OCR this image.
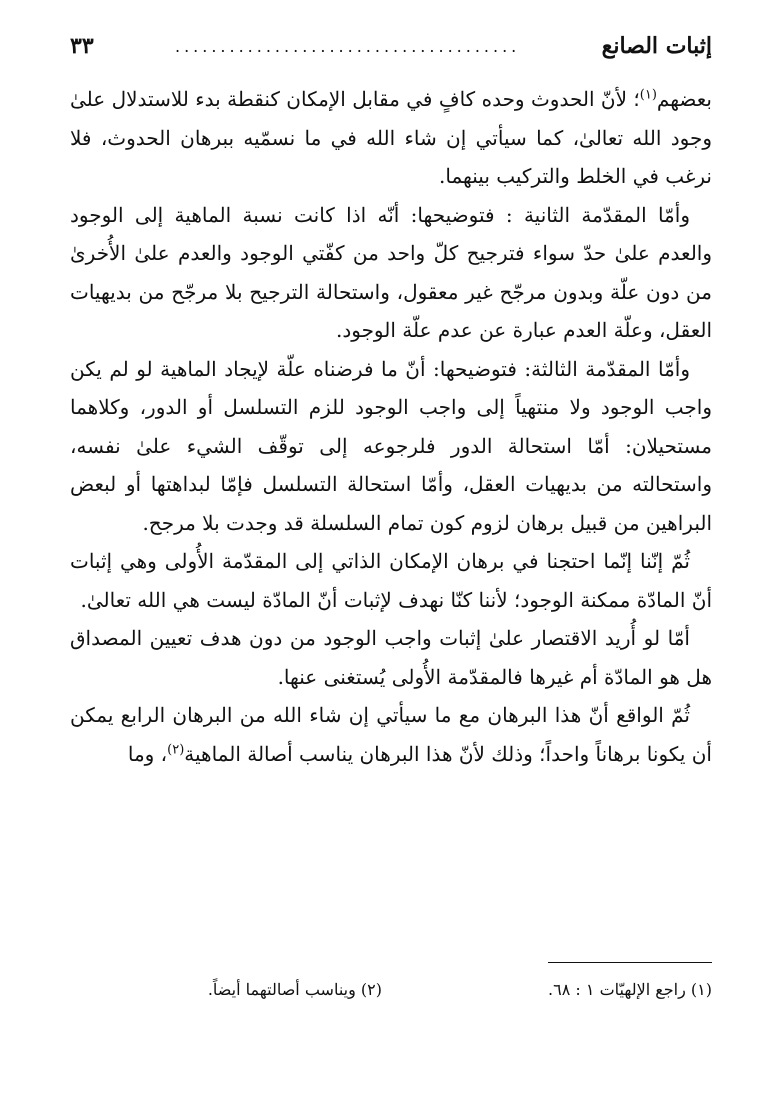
إثبات الصانع
......................................
٣٣

بعضهم$^{(١)}$؛ لأنّ الحدوث وحده كافٍ في مقابل الإمكان كنقطة بدء للاستدلال علىٰ وجود الله تعالىٰ، كما سيأتي إن شاء الله في ما نسمّيه ببرهان الحدوث، فلا نرغب في الخلط والتركيب بينهما.

وأمّا المقدّمة الثانية : فتوضيحها: أنّه اذا كانت نسبة الماهية إلى الوجود والعدم علىٰ حدّ سواء فترجيح كلّ واحد من كفّتي الوجود والعدم علىٰ الأُخرىٰ من دون علّة وبدون مرجّح غير معقول، واستحالة الترجيح بلا مرجّح من بديهيات العقل، وعلّة العدم عبارة عن عدم علّة الوجود.

وأمّا المقدّمة الثالثة: فتوضيحها: أنّ ما فرضناه علّة لإيجاد الماهية لو لم يكن واجب الوجود ولا منتهياً إلى واجب الوجود للزم التسلسل أو الدور، وكلاهما مستحيلان: أمّا استحالة الدور فلرجوعه إلى توقّف الشيء علىٰ نفسه، واستحالته من بديهيات العقل، وأمّا استحالة التسلسل فإمّا لبداهتها أو لبعض البراهين من قبيل برهان لزوم كون تمام السلسلة قد وجدت بلا مرجح.

ثُمّ إنّنا إنّما احتجنا في برهان الإمكان الذاتي إلى المقدّمة الأُولى وهي إثبات أنّ المادّة ممكنة الوجود؛ لأننا كنّا نهدف لإثبات أنّ المادّة ليست هي الله تعالىٰ.

أمّا لو أُريد الاقتصار علىٰ إثبات واجب الوجود من دون هدف تعيين المصداق هل هو المادّة أم غيرها فالمقدّمة الأُولى يُستغنى عنها.

ثُمّ الواقع أنّ هذا البرهان مع ما سيأتي إن شاء الله من البرهان الرابع يمكن أن يكونا برهاناً واحداً؛ وذلك لأنّ هذا البرهان يناسب أصالة الماهية$^{(٢)}$، وما

(١) راجع الإلهيّات ١ : ٦٨.
(٢) ويناسب أصالتهما أيضاً.
